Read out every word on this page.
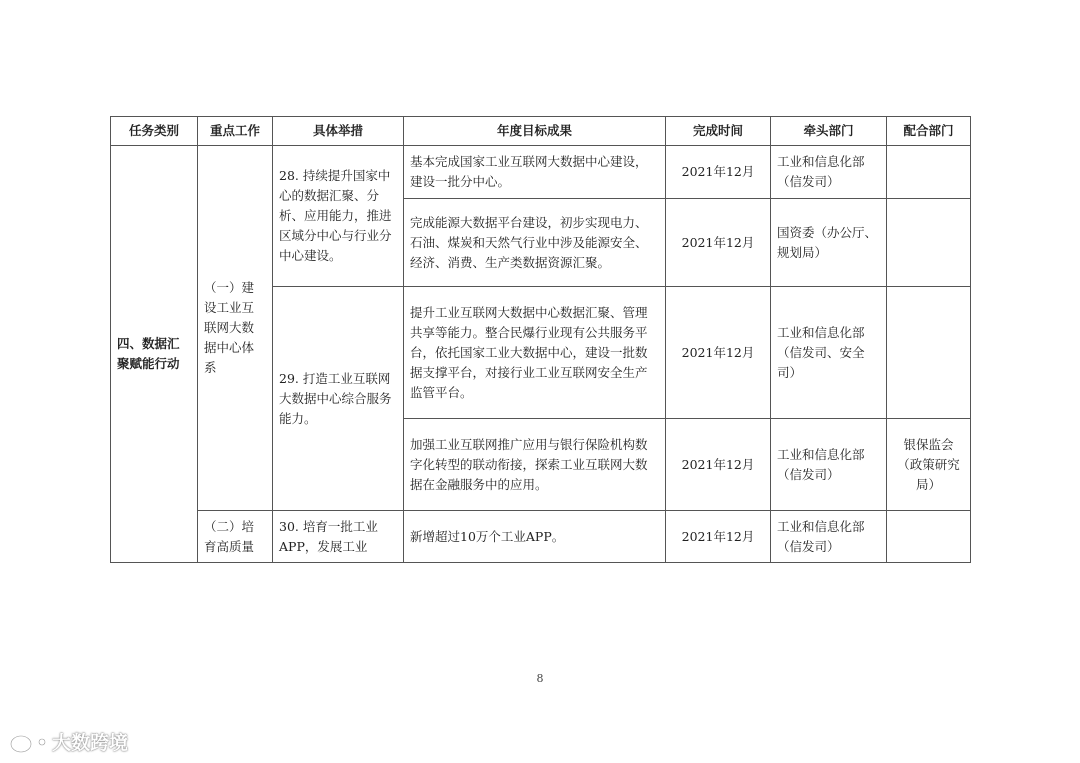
任务类别	重点工作	具体举措	年度目标成果	完成时间	牵头部门	配合部门
四、数据汇聚赋能行动	（一）建设工业互联网大数据中心体系	28. 持续提升国家中心的数据汇聚、分析、应用能力，推进区域分中心与行业分中心建设。	基本完成国家工业互联网大数据中心建设，建设一批分中心。	2021年12月	工业和信息化部（信发司）	
			完成能源大数据平台建设，初步实现电力、石油、煤炭和天然气行业中涉及能源安全、经济、消费、生产类数据资源汇聚。	2021年12月	国资委（办公厅、规划局）	
		29. 打造工业互联网大数据中心综合服务能力。	提升工业互联网大数据中心数据汇聚、管理共享等能力。整合民爆行业现有公共服务平台，依托国家工业大数据中心，建设一批数据支撑平台，对接行业工业互联网安全生产监管平台。	2021年12月	工业和信息化部（信发司、安全司）	
			加强工业互联网推广应用与银行保险机构数字化转型的联动衔接，探索工业互联网大数据在金融服务中的应用。	2021年12月	工业和信息化部（信发司）	银保监会（政策研究局）
	（二）培育高质量	30. 培育一批工业APP，发展工业	新增超过10万个工业APP。	2021年12月	工业和信息化部（信发司）	
8
大数跨境
